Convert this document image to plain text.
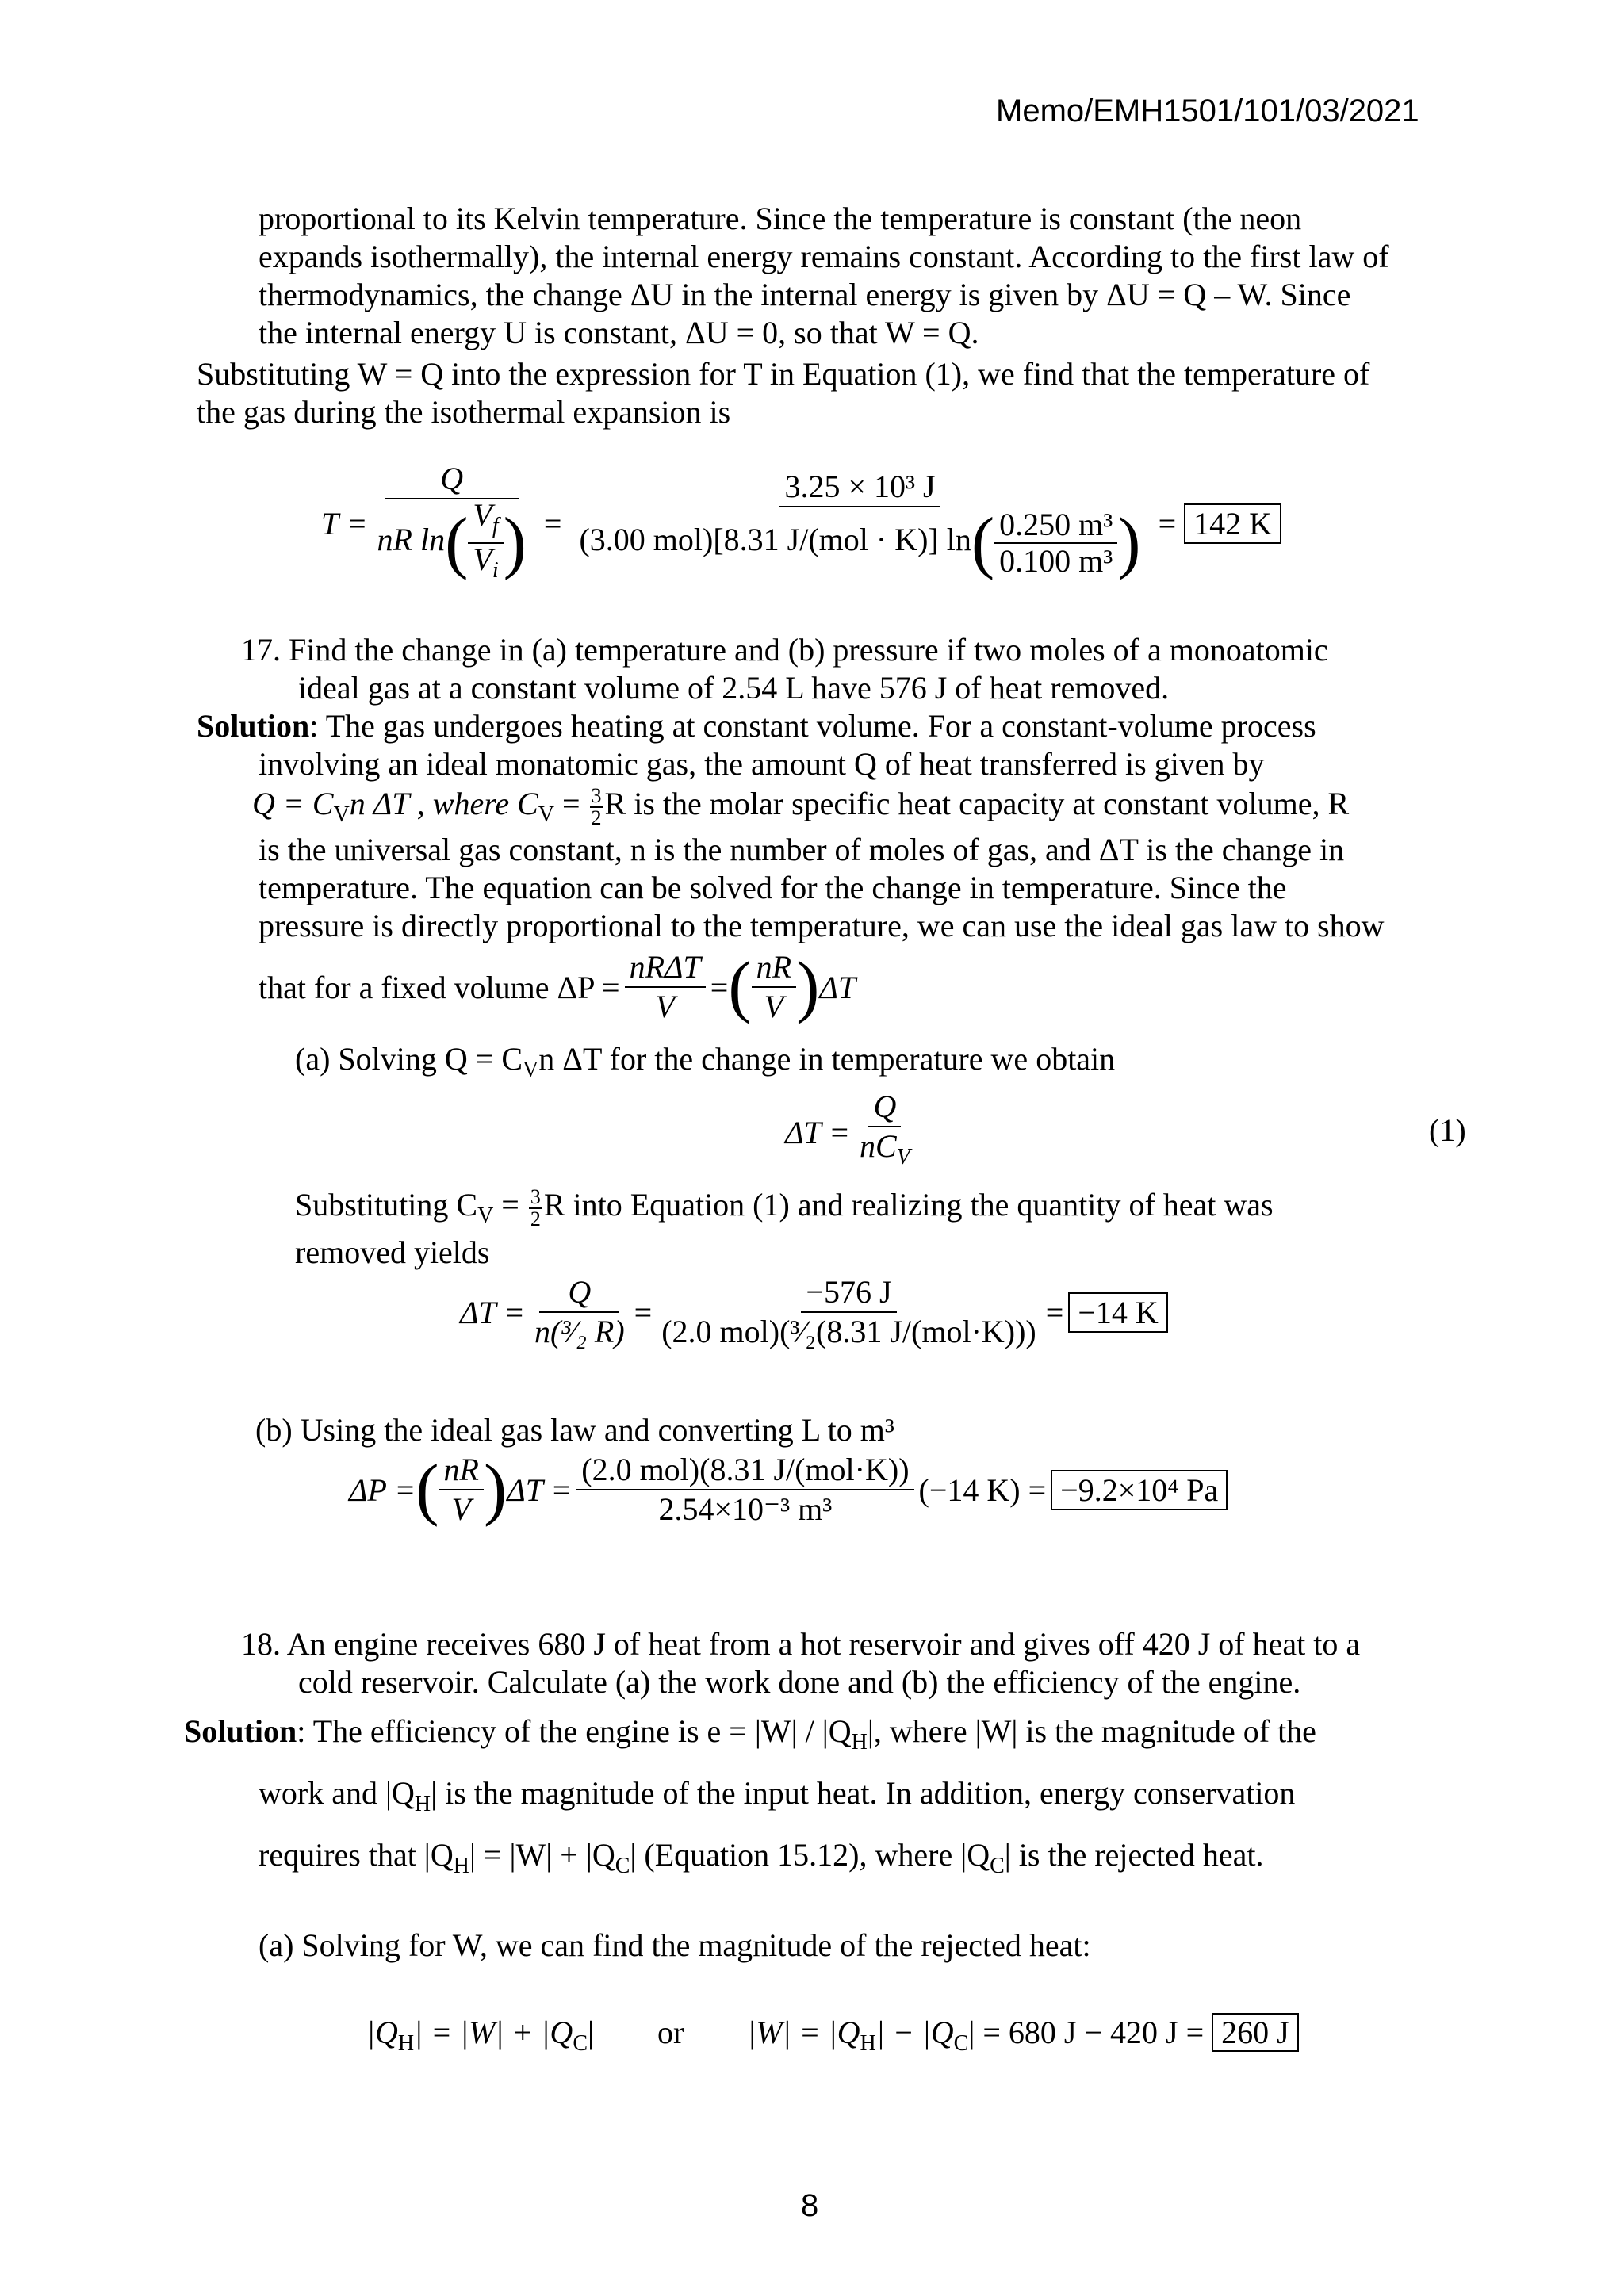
Memo/EMH1501/101/03/2021
proportional to its Kelvin temperature. Since the temperature is constant (the neon
expands isothermally), the internal energy remains constant. According to the first law of
thermodynamics, the change ΔU in the internal energy is given by ΔU = Q – W. Since
the internal energy U is constant, ΔU = 0, so that W = Q.
Substituting W = Q into the expression for T in Equation (1), we find that the temperature of
the gas during the isothermal expansion is
$T = \frac{Q}{nR \ln( \frac{V_f}{V_i} )} = \frac{\text{3.25 × 10³ J}}{(3.00 mol)[8.31 J/(mol \cdot K)] \ln( \frac{\text{0.250 m³}}{\text{0.100 m³}} )} = 142$ K
17. Find the change in (a) temperature and (b) pressure if two moles of a monoatomic
ideal gas at a constant volume of 2.54 L have 576 J of heat removed.
Solution: The gas undergoes heating at constant volume. For a constant-volume process
involving an ideal monatomic gas, the amount Q of heat transferred is given by
$Q = C_Vn$ ΔT , where $C_V = \frac{3}{2}$ R is the molar specific heat capacity at constant volume, R
is the universal gas constant, n is the number of moles of gas, and ΔT is the change in
temperature. The equation can be solved for the change in temperature. Since the
pressure is directly proportional to the temperature, we can use the ideal gas law to show
that for a fixed volume $\Delta P = \frac{\text{nRΔT}}{V}$ = ( $\frac{nR}{V}$ ) ΔT
(a) Solving $Q = C_Vn$ ΔT for the change in temperature we obtain
$\Delta T = \frac{Q}{nC_V}$	(1)
Substituting $C_V = \frac{3}{2}$ R into Equation (1) and realizing the quantity of heat was
removed yields
$\Delta T = \frac{Q}{\text{n(³⁄₂ R)}} = \frac{-576 J}{\text{(2.0 mol)(³⁄₂(8.31 J/(mol·K)))}} = -14$ K
(b) Using the ideal gas law and converting L to m³
ΔP = ( $\frac{nR}{V}$ ) $\Delta T = \frac{\text{(2.0 mol)(8.31 J/(mol·K))}}{\text{2.54×10⁻³ m³}} (-14$ K) = −9.2×10⁴ Pa
18. An engine receives 680 J of heat from a hot reservoir and gives off 420 J of heat to a
cold reservoir. Calculate (a) the work done and (b) the efficiency of the engine.
Solution: The efficiency of the engine is $e = |W| / |Q_H|$, where |W| is the magnitude of the
work and $|Q_H|$ is the magnitude of the input heat. In addition, energy conservation
requires that $|Q_H| = |W| + |Q_C|$ (Equation 15.12), where $|Q_C|$ is the rejected heat.
(a) Solving for W, we can find the magnitude of the rejected heat:
$|Q_H| = |W| + |Q_C|$ or $|W| = |Q_H| - |Q_C| = 680$ J − 420 J = 260 J
8
